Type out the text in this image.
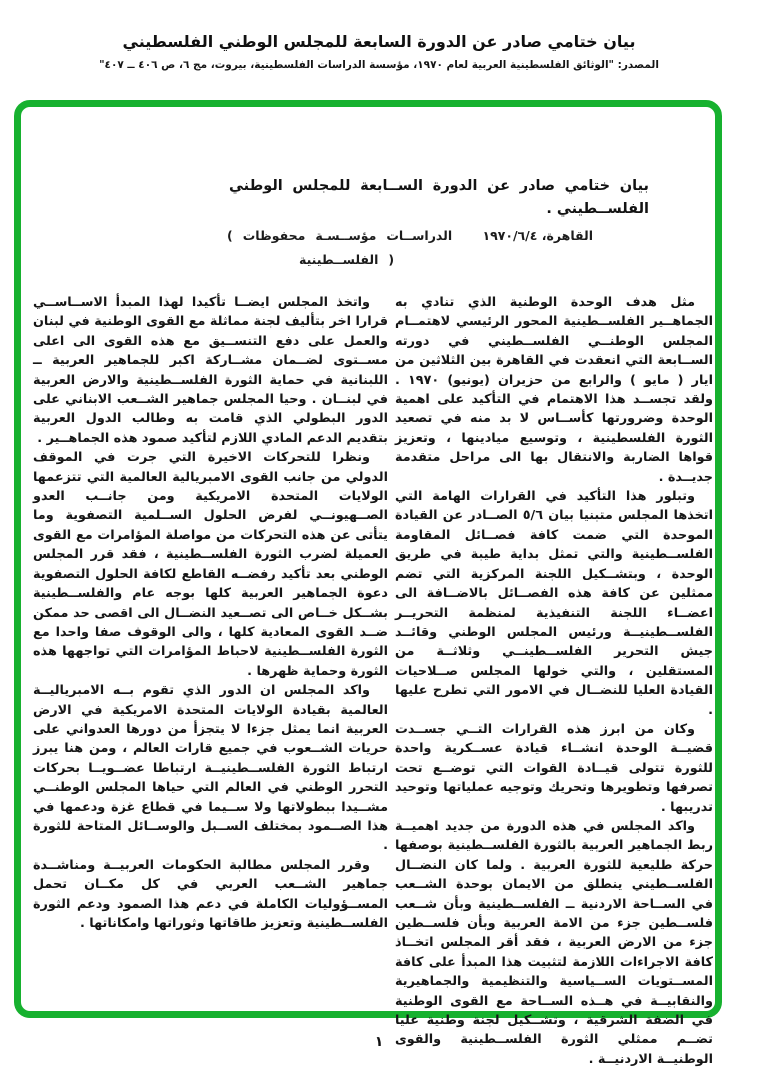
بيان ختامي صادر عن الدورة السابعة للمجلس الوطني الفلسطيني
المصدر: "الوثائق الفلسطينية العربية لعام ١٩٧٠، مؤسسة الدراسات الفلسطينية، بيروت، مج ٦، ص ٤٠٦ ــ ٤٠٧"
بيان ختامي صادر عن الدورة الســابعة للمجلس الوطني
الفلســطيني .
القاهرة، ١٩٧٠/٦/٤
( محفوظات مؤســسـة الدراســات
الفلســطينية )

مثل هدف الوحدة الوطنية الذي تنادي به الجماهــير الفلســطينية المحور الرئيسي لاهتمــام المجلس الوطنــي الفلســطيني في دورته الســابعة التي انعقدت في القاهرة بين الثلاثين من ايار ( مايو ) والرابع من حزيران (يونيو) ١٩٧٠ . ولقد تجســد هذا الاهتمام في التأكيد على اهمية الوحدة وضرورتها كأســاس لا بد منه في تصعيد الثورة الفلسطينية ، وتوسيع ميادينها ، وتعزيز قواها الضاربة والانتقال بها الى مراحل متقدمة جديــدة .

وتبلور هذا التأكيد في القرارات الهامة التي اتخذها المجلس متبنيا بيان ٥/٦ الصــادر عن القيادة الموحدة التي ضمت كافة فصــائل المقاومة الفلســطينية والتي تمثل بداية طيبة في طريق الوحدة ، وبتشــكيل اللجنة المركزية التي تضم ممثلين عن كافة هذه الفصــائل بالاضــافة الى اعضــاء اللجنة التنفيذية لمنظمة التحريــر الفلســطينيــة ورئيس المجلس الوطني وقائــد جيش التحرير الفلســطينــي وثلاثــة من المستقلين ، والتي خولها المجلس صــلاحيات القيادة العليا للنضــال في الامور التي تطرح عليها .

وكان من ابرز هذه القرارات التــي جســدت قضيــة الوحدة انشــاء قيادة عســكرية واحدة للثورة تتولى قيــادة القوات التي توضــع تحت تصرفها وتطويرها وتحريك وتوجيه عملياتها وتوحيد تدريبها .

واكد المجلس في هذه الدورة من جديد اهميــة ربط الجماهير العربية بالثورة الفلســطينية بوصفها حركة طليعية للثورة العربية . ولما كان النضــال الفلســطيني ينطلق من الايمان بوحدة الشــعب في الســاحة الاردنية ــ الفلســطينية وبأن شــعب فلســطين جزء من الامة العربية وبأن فلســطين جزء من الارض العربية ، فقد أقر المجلس اتخــاذ كافة الاجراءات اللازمة لتثبيت هذا المبدأ على كافة المســتويات الســياسية والتنظيمية والجماهيرية والنقابيــة في هــذه الســاحة مع القوى الوطنية في الضفة الشرقية ، وتشــكيل لجنة وطنية عليا تضــم ممثلي الثورة الفلســطينية والقوى الوطنيــة الاردنيــة .

واتخذ المجلس ايضــا تأكيدا لهذا المبدأ الاســاســي قرارا اخر بتأليف لجنة مماثلة مع القوى الوطنية في لبنان والعمل على دفع التنســيق مع هذه القوى الى اعلى مســتوى لضــمان مشــاركة اكبر للجماهير العربية ــ اللبنانية في حماية الثورة الفلســطينية والارض العربية في لبنــان . وحيا المجلس جماهير الشــعب الابناني على الدور البطولي الذي قامت به وطالب الدول العربية بتقديم الدعم المادي اللازم لتأكيد صمود هذه الجماهــير .

ونظرا للتحركات الاخيرة التي جرت في الموقف الدولي من جانب القوى الامبريالية العالمية التي تتزعمها الولايات المتحدة الامريكية ومن جانــب العدو الصــهيونــي لفرض الحلول الســلمية التصفوية وما يتأتى عن هذه التحركات من مواصلة المؤامرات مع القوى العميلة لضرب الثورة الفلســطينية ، فقد قرر المجلس الوطني بعد تأكيد رفضــه القاطع لكافة الحلول التصفوية دعوة الجماهير العربية كلها بوجه عام والفلســطينية بشــكل خــاص الى تصــعيد النضــال الى اقصى حد ممكن ضــد القوى المعادية كلها ، والى الوقوف صفا واحدا مع الثورة الفلســطينية لاحباط المؤامرات التي تواجهها هذه الثورة وحماية ظهرها .

واكد المجلس ان الدور الذي تقوم بــه الامبرياليــة العالمية بقيادة الولايات المتحدة الامريكية في الارض العربية انما يمثل جزءا لا يتجزأ من دورها العدواني على حريات الشــعوب في جميع قارات العالم ، ومن هنا يبرز ارتباط الثورة الفلســطينيــة ارتباطا عضــويــا بحركات التحرر الوطني في العالم التي حياها المجلس الوطنــي مشــيدا ببطولاتها ولا ســيما في قطاع غزة ودعمها في هذا الصــمود بمختلف الســبل والوســائل المتاحة للثورة .

وقرر المجلس مطالبة الحكومات العربيــة ومناشــدة جماهير الشــعب العربي في كل مكــان تحمل المســؤوليات الكاملة في دعم هذا الصمود ودعم الثورة الفلســطينية وتعزيز طاقاتها وثوراتها وامكاناتها .

١
